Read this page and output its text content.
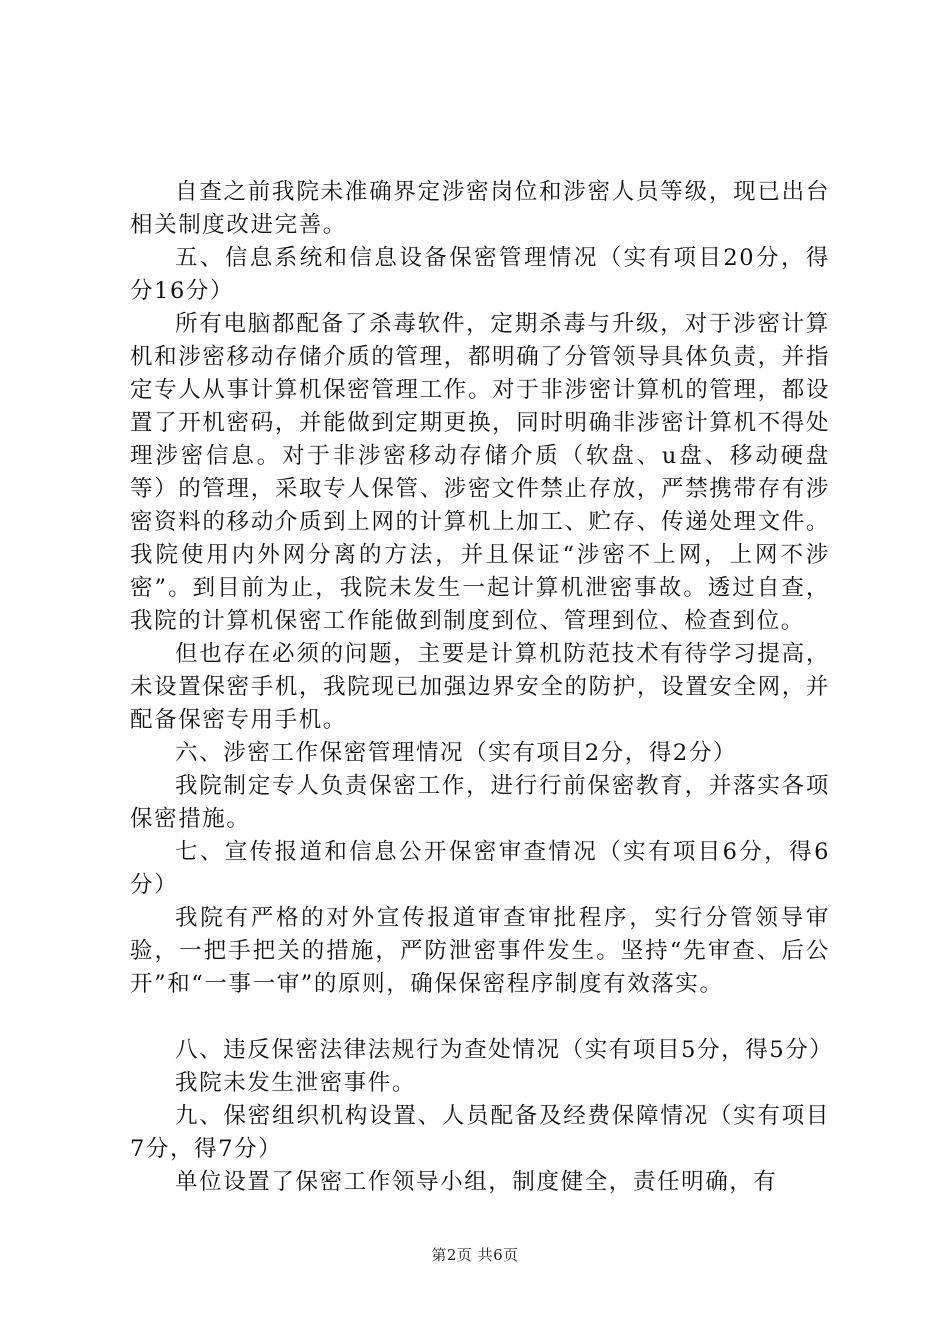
自查之前我院未准确界定涉密岗位和涉密人员等级，现已出台相关制度改进完善。

五、信息系统和信息设备保密管理情况（实有项目20分，得分16分）

所有电脑都配备了杀毒软件，定期杀毒与升级，对于涉密计算机和涉密移动存储介质的管理，都明确了分管领导具体负责，并指定专人从事计算机保密管理工作。对于非涉密计算机的管理，都设置了开机密码，并能做到定期更换，同时明确非涉密计算机不得处理涉密信息。对于非涉密移动存储介质（软盘、u盘、移动硬盘等）的管理，采取专人保管、涉密文件禁止存放，严禁携带存有涉密资料的移动介质到上网的计算机上加工、贮存、传递处理文件。我院使用内外网分离的方法，并且保证“涉密不上网，上网不涉密”。到目前为止，我院未发生一起计算机泄密事故。透过自查，我院的计算机保密工作能做到制度到位、管理到位、检查到位。

但也存在必须的问题，主要是计算机防范技术有待学习提高，未设置保密手机，我院现已加强边界安全的防护，设置安全网，并配备保密专用手机。

六、涉密工作保密管理情况（实有项目2分，得2分）

我院制定专人负责保密工作，进行行前保密教育，并落实各项保密措施。

七、宣传报道和信息公开保密审查情况（实有项目6分，得6分）

我院有严格的对外宣传报道审查审批程序，实行分管领导审验，一把手把关的措施，严防泄密事件发生。坚持“先审查、后公开”和“一事一审”的原则，确保保密程序制度有效落实。

八、违反保密法律法规行为查处情况（实有项目5分，得5分）

我院未发生泄密事件。

九、保密组织机构设置、人员配备及经费保障情况（实有项目7分，得7分）

单位设置了保密工作领导小组，制度健全，责任明确，有

第2页 共6页
